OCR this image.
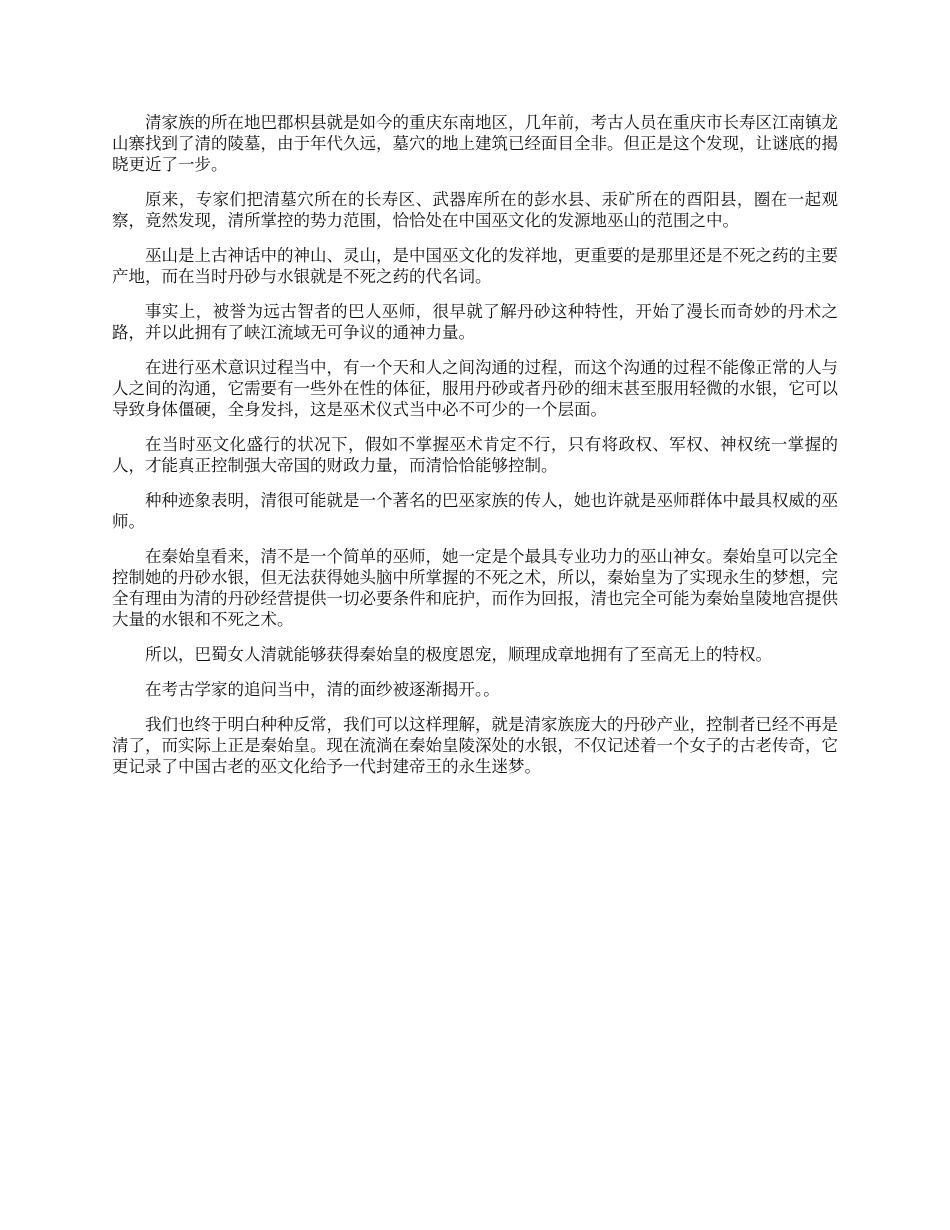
清家族的所在地巴郡枳县就是如今的重庆东南地区，几年前，考古人员在重庆市长寿区江南镇龙山寨找到了清的陵墓，由于年代久远，墓穴的地上建筑已经面目全非。但正是这个发现，让谜底的揭晓更近了一步。

原来，专家们把清墓穴所在的长寿区、武器库所在的彭水县、汞矿所在的酉阳县，圈在一起观察，竟然发现，清所掌控的势力范围，恰恰处在中国巫文化的发源地巫山的范围之中。

巫山是上古神话中的神山、灵山，是中国巫文化的发祥地，更重要的是那里还是不死之药的主要产地，而在当时丹砂与水银就是不死之药的代名词。

事实上，被誉为远古智者的巴人巫师，很早就了解丹砂这种特性，开始了漫长而奇妙的丹术之路，并以此拥有了峡江流域无可争议的通神力量。

在进行巫术意识过程当中，有一个天和人之间沟通的过程，而这个沟通的过程不能像正常的人与人之间的沟通，它需要有一些外在性的体征，服用丹砂或者丹砂的细末甚至服用轻微的水银，它可以导致身体僵硬，全身发抖，这是巫术仪式当中必不可少的一个层面。

在当时巫文化盛行的状况下，假如不掌握巫术肯定不行，只有将政权、军权、神权统一掌握的人，才能真正控制强大帝国的财政力量，而清恰恰能够控制。

种种迹象表明，清很可能就是一个著名的巴巫家族的传人，她也许就是巫师群体中最具权威的巫师。

在秦始皇看来，清不是一个简单的巫师，她一定是个最具专业功力的巫山神女。秦始皇可以完全控制她的丹砂水银，但无法获得她头脑中所掌握的不死之术，所以，秦始皇为了实现永生的梦想，完全有理由为清的丹砂经营提供一切必要条件和庇护，而作为回报，清也完全可能为秦始皇陵地宫提供大量的水银和不死之术。

所以，巴蜀女人清就能够获得秦始皇的极度恩宠，顺理成章地拥有了至高无上的特权。

在考古学家的追问当中，清的面纱被逐渐揭开。。

我们也终于明白种种反常，我们可以这样理解，就是清家族庞大的丹砂产业，控制者已经不再是清了，而实际上正是秦始皇。现在流淌在秦始皇陵深处的水银，不仅记述着一个女子的古老传奇，它更记录了中国古老的巫文化给予一代封建帝王的永生迷梦。
